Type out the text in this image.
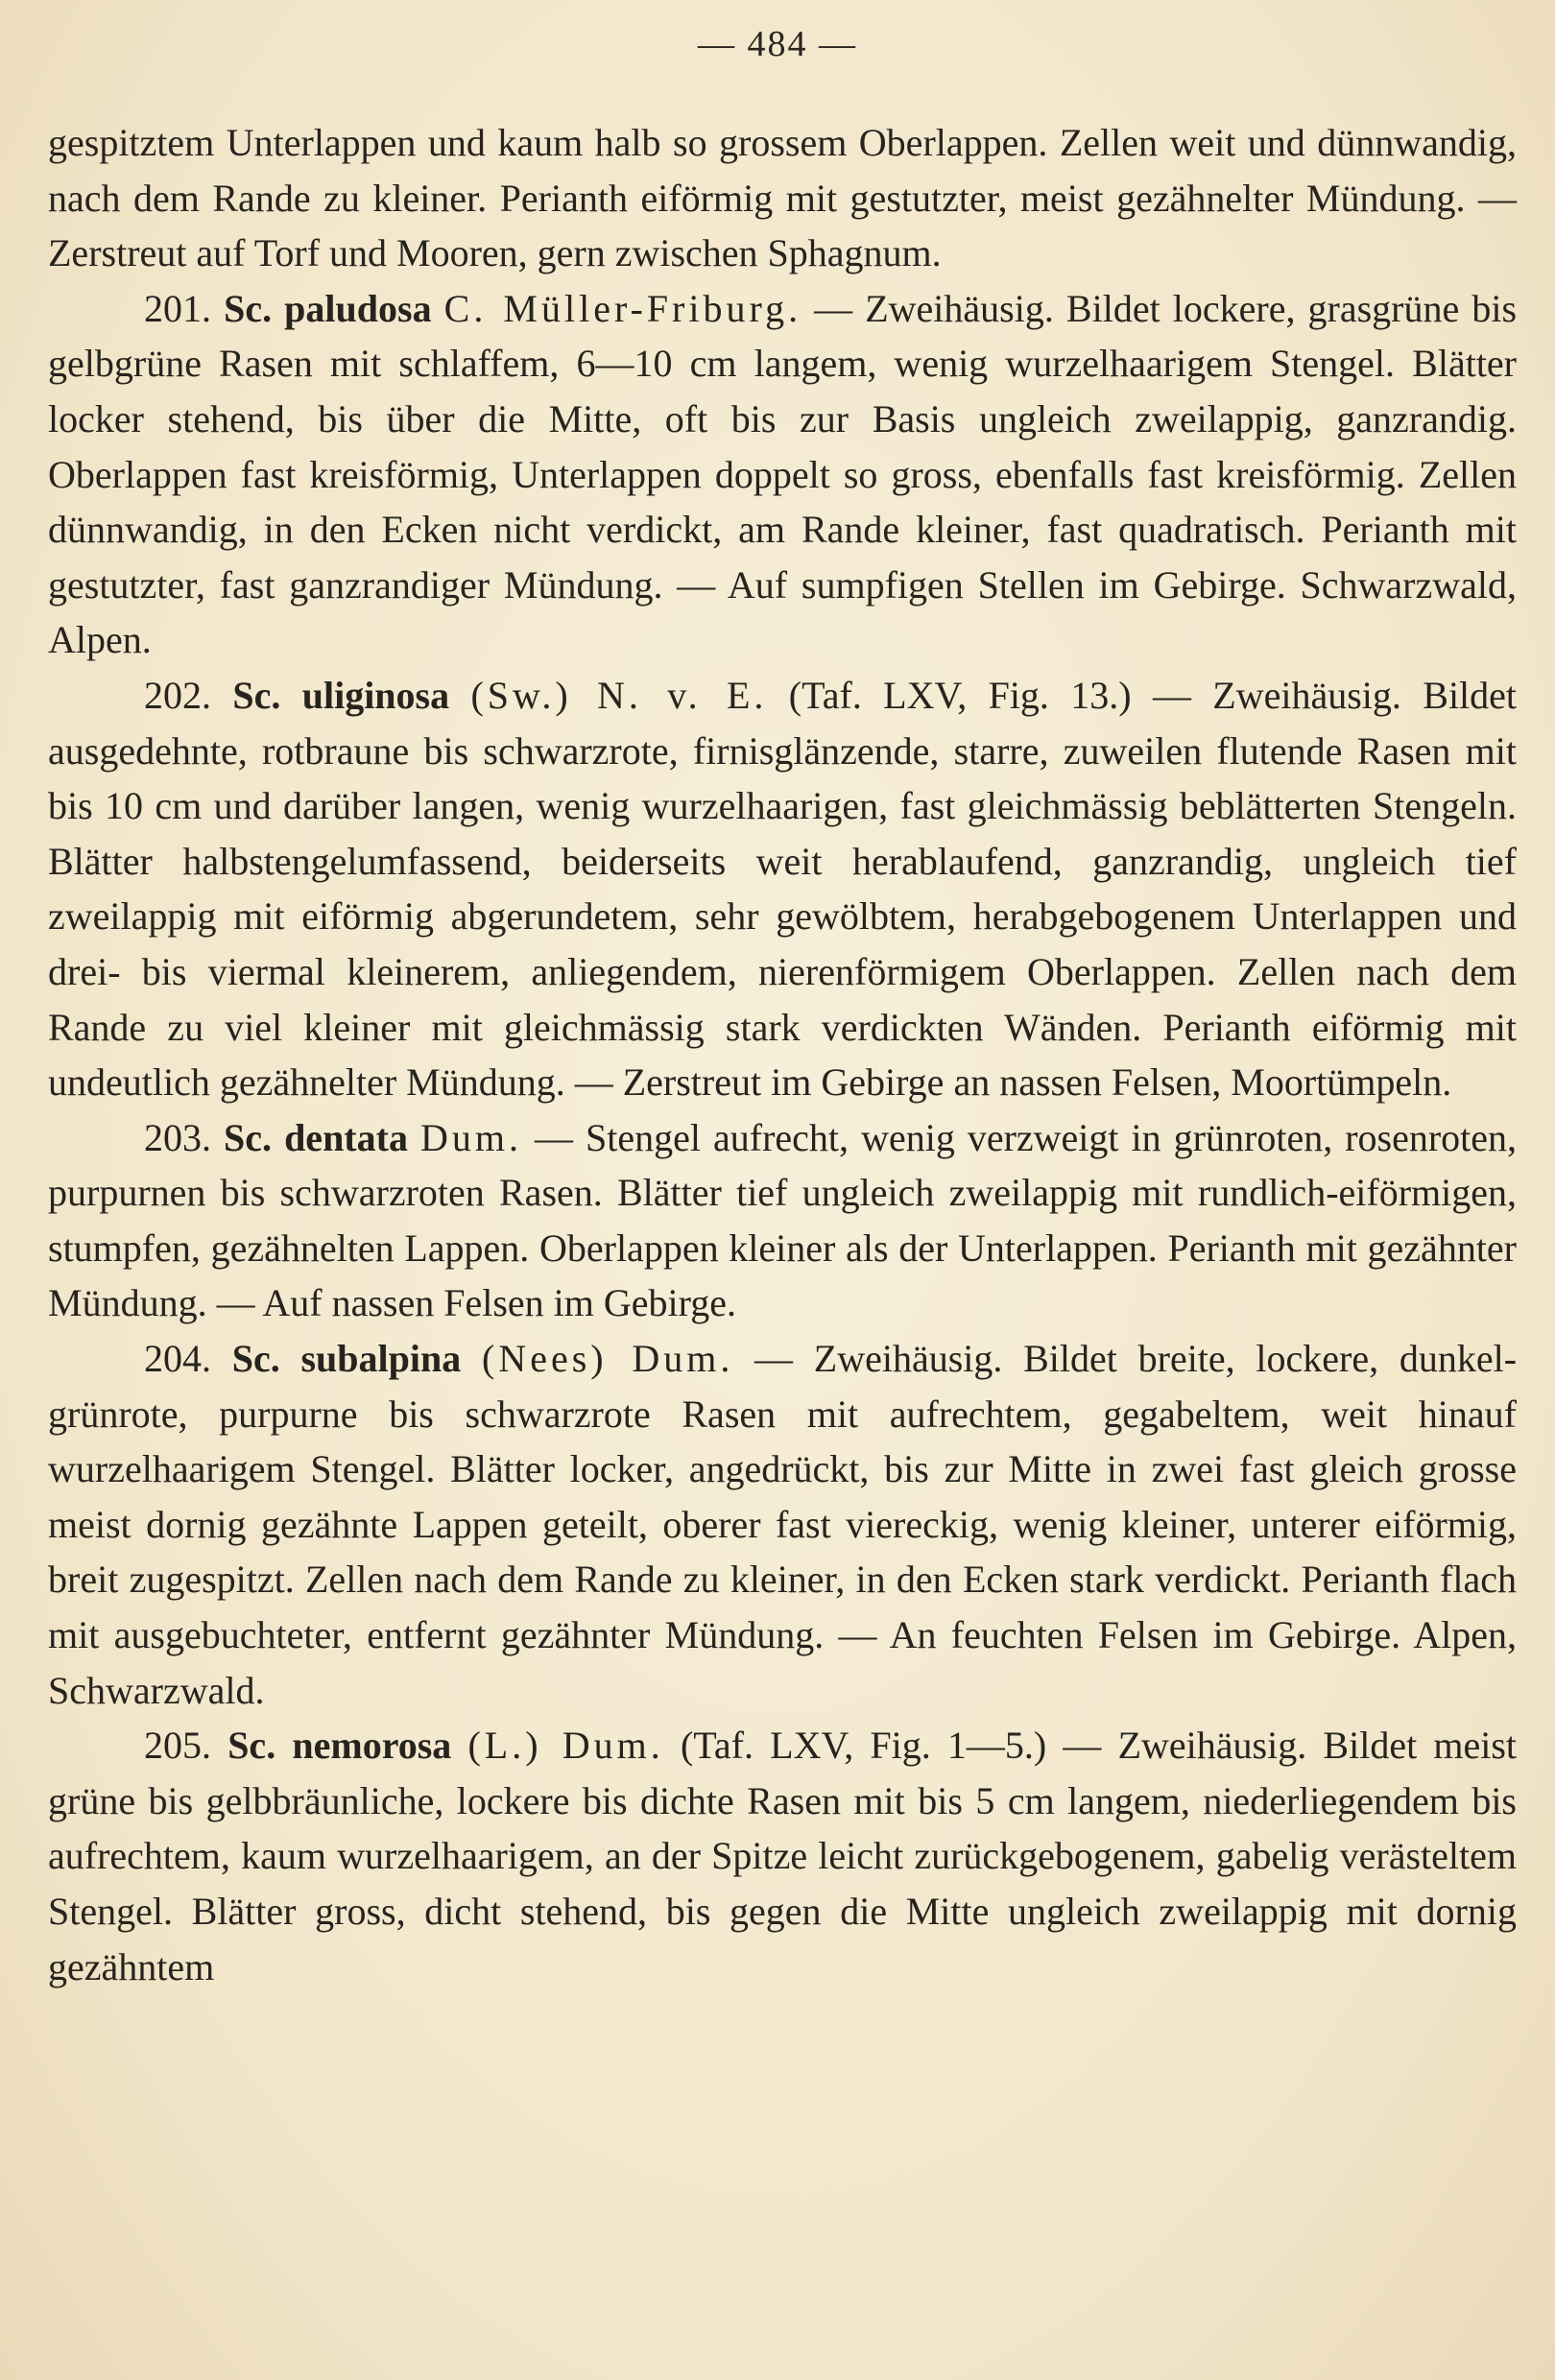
— 484 —

gespitztem Unterlappen und kaum halb so grossem Oberlappen. Zellen weit und dünnwandig, nach dem Rande zu kleiner. Perianth eiförmig mit gestutzter, meist gezähnelter Mündung. — Zerstreut auf Torf und Mooren, gern zwischen Sphagnum.

201. Sc. paludosa C. Müller-Friburg. — Zweihäusig. Bildet lockere, grasgrüne bis gelbgrüne Rasen mit schlaffem, 6—10 cm langem, wenig wurzelhaarigem Stengel. Blätter locker stehend, bis über die Mitte, oft bis zur Basis ungleich zweilappig, ganzrandig. Oberlappen fast kreisförmig, Unterlappen doppelt so gross, ebenfalls fast kreisförmig. Zellen dünnwandig, in den Ecken nicht verdickt, am Rande kleiner, fast quadratisch. Perianth mit gestutzter, fast ganzrandiger Mündung. — Auf sumpfigen Stellen im Gebirge. Schwarzwald, Alpen.

202. Sc. uliginosa (Sw.) N. v. E. (Taf. LXV, Fig. 13.) — Zweihäusig. Bildet ausgedehnte, rotbraune bis schwarzrote, firnisglänzende, starre, zuweilen flutende Rasen mit bis 10 cm und darüber langen, wenig wurzelhaarigen, fast gleichmässig beblätterten Stengeln. Blätter halbstengelumfassend, beiderseits weit herablaufend, ganzrandig, ungleich tief zweilappig mit eiförmig abgerundetem, sehr gewölbtem, herabgebogenem Unterlappen und drei- bis viermal kleinerem, anliegendem, nierenförmigem Oberlappen. Zellen nach dem Rande zu viel kleiner mit gleichmässig stark verdickten Wänden. Perianth eiförmig mit undeutlich gezähnelter Mündung. — Zerstreut im Gebirge an nassen Felsen, Moortümpeln.

203. Sc. dentata Dum. — Stengel aufrecht, wenig verzweigt in grünroten, rosenroten, purpurnen bis schwarzroten Rasen. Blätter tief ungleich zweilappig mit rundlich-eiförmigen, stumpfen, gezähnelten Lappen. Oberlappen kleiner als der Unterlappen. Perianth mit gezähnter Mündung. — Auf nassen Felsen im Gebirge.

204. Sc. subalpina (Nees) Dum. — Zweihäusig. Bildet breite, lockere, dunkel-grünrote, purpurne bis schwarzrote Rasen mit aufrechtem, gegabeltem, weit hinauf wurzelhaarigem Stengel. Blätter locker, angedrückt, bis zur Mitte in zwei fast gleich grosse meist dornig gezähnte Lappen geteilt, oberer fast viereckig, wenig kleiner, unterer eiförmig, breit zugespitzt. Zellen nach dem Rande zu kleiner, in den Ecken stark verdickt. Perianth flach mit ausgebuchteter, entfernt gezähnter Mündung. — An feuchten Felsen im Gebirge. Alpen, Schwarzwald.

205. Sc. nemorosa (L.) Dum. (Taf. LXV, Fig. 1—5.) — Zweihäusig. Bildet meist grüne bis gelbbräunliche, lockere bis dichte Rasen mit bis 5 cm langem, niederliegendem bis aufrechtem, kaum wurzelhaarigem, an der Spitze leicht zurückgebogenem, gabelig verästeltem Stengel. Blätter gross, dicht stehend, bis gegen die Mitte ungleich zweilappig mit dornig gezähntem
